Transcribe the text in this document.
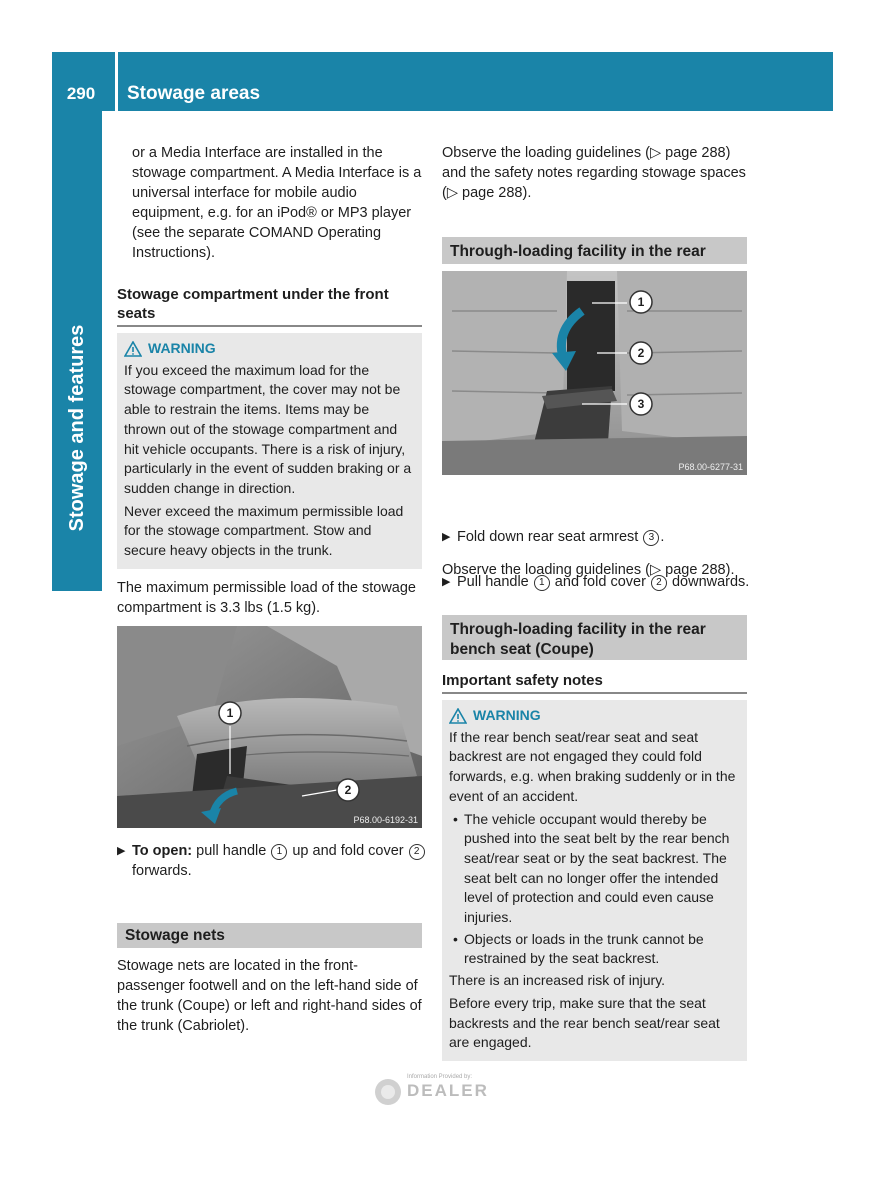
290	Stowage areas
Stowage and features

or a Media Interface are installed in the stowage compartment. A Media Interface is a universal interface for mobile audio equipment, e.g. for an iPod® or MP3 player (see the separate COMAND Operating Instructions).

Stowage compartment under the front seats
WARNING

If you exceed the maximum load for the stowage compartment, the cover may not be able to restrain the items. Items may be thrown out of the stowage compartment and hit vehicle occupants. There is a risk of injury, particularly in the event of sudden braking or a sudden change in direction.

Never exceed the maximum permissible load for the stowage compartment. Stow and secure heavy objects in the trunk.

The maximum permissible load of the stowage compartment is 3.3 lbs (1.5 kg).

1
2
P68.00-6192-31
▶ To open: pull handle 1 up and fold cover 2 forwards.
Stowage nets

Stowage nets are located in the front-passenger footwell and on the left-hand side of the trunk (Coupe) or left and right-hand sides of the trunk (Cabriolet).

Observe the loading guidelines (▷ page 288) and the safety notes regarding stowage spaces (▷ page 288).

Through-loading facility in the rear
1
2
3
P68.00-6277-31
▶ Fold down rear seat armrest 3 .
▶ Pull handle 1 and fold cover 2 downwards.

Observe the loading guidelines (▷ page 288).

Through-loading facility in the rear bench seat (Coupe)
Important safety notes
WARNING

If the rear bench seat/rear seat and seat backrest are not engaged they could fold forwards, e.g. when braking suddenly or in the event of an accident.

• The vehicle occupant would thereby be pushed into the seat belt by the rear bench seat/rear seat or by the seat backrest. The seat belt can no longer offer the intended level of protection and could even cause injuries.
• Objects or loads in the trunk cannot be restrained by the seat backrest.

There is an increased risk of injury.

Before every trip, make sure that the seat backrests and the rear bench seat/rear seat are engaged.

Information Provided by:
DEALER
